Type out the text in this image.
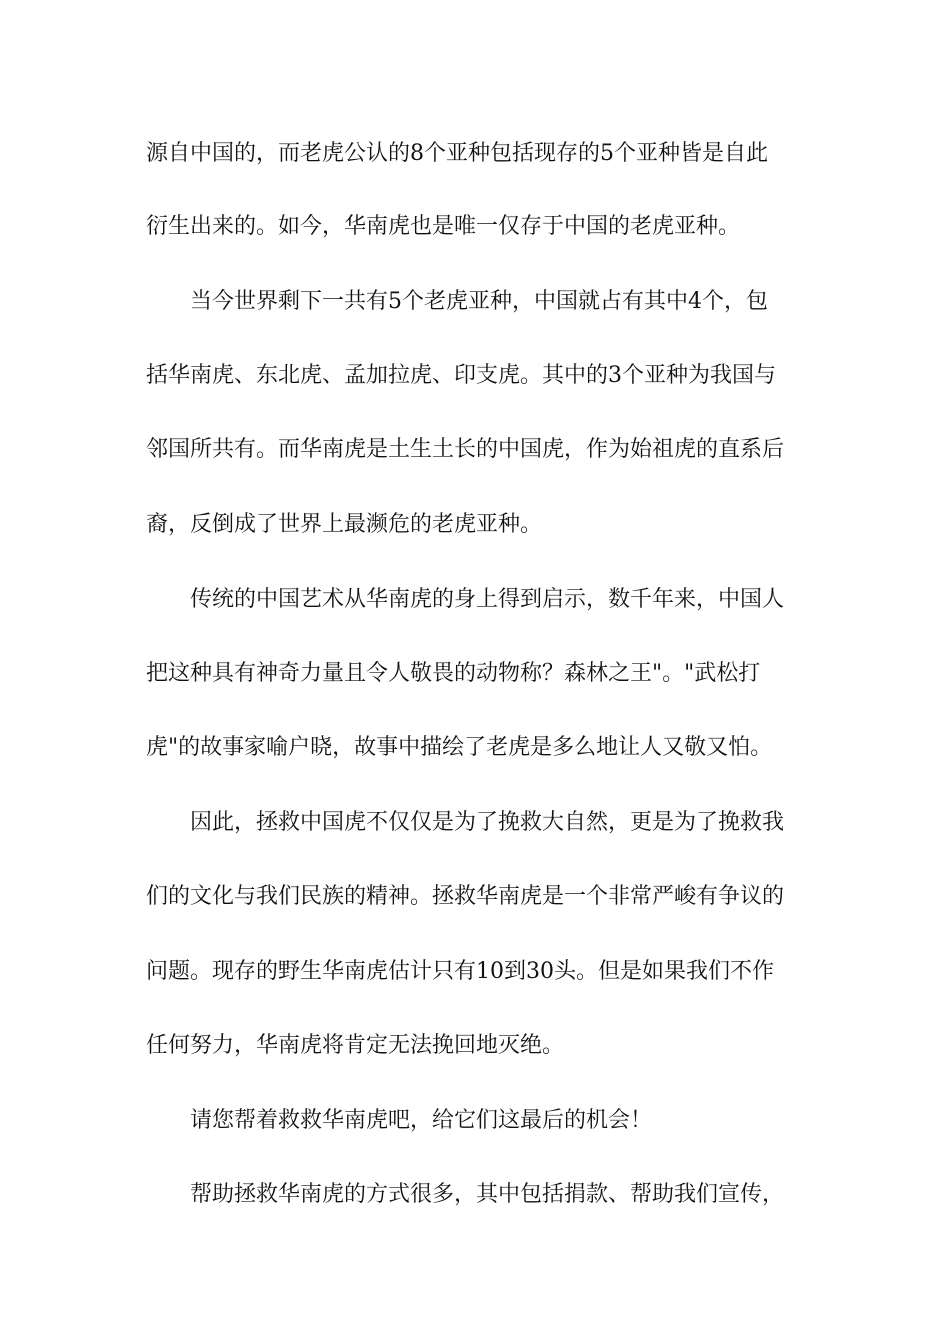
源自中国的，而老虎公认的8个亚种包括现存的5个亚种皆是自此
衍生出来的。如今，华南虎也是唯一仅存于中国的老虎亚种。
当今世界剩下一共有5个老虎亚种，中国就占有其中4个，包
括华南虎、东北虎、孟加拉虎、印支虎。其中的3个亚种为我国与
邻国所共有。而华南虎是土生土长的中国虎，作为始祖虎的直系后
裔，反倒成了世界上最濒危的老虎亚种。
传统的中国艺术从华南虎的身上得到启示，数千年来，中国人
把这种具有神奇力量且令人敬畏的动物称？森林之王"。"武松打
虎"的故事家喻户晓，故事中描绘了老虎是多么地让人又敬又怕。
因此，拯救中国虎不仅仅是为了挽救大自然，更是为了挽救我
们的文化与我们民族的精神。拯救华南虎是一个非常严峻有争议的
问题。现存的野生华南虎估计只有10到30头。但是如果我们不作
任何努力，华南虎将肯定无法挽回地灭绝。
请您帮着救救华南虎吧，给它们这最后的机会！
帮助拯救华南虎的方式很多，其中包括捐款、帮助我们宣传，
